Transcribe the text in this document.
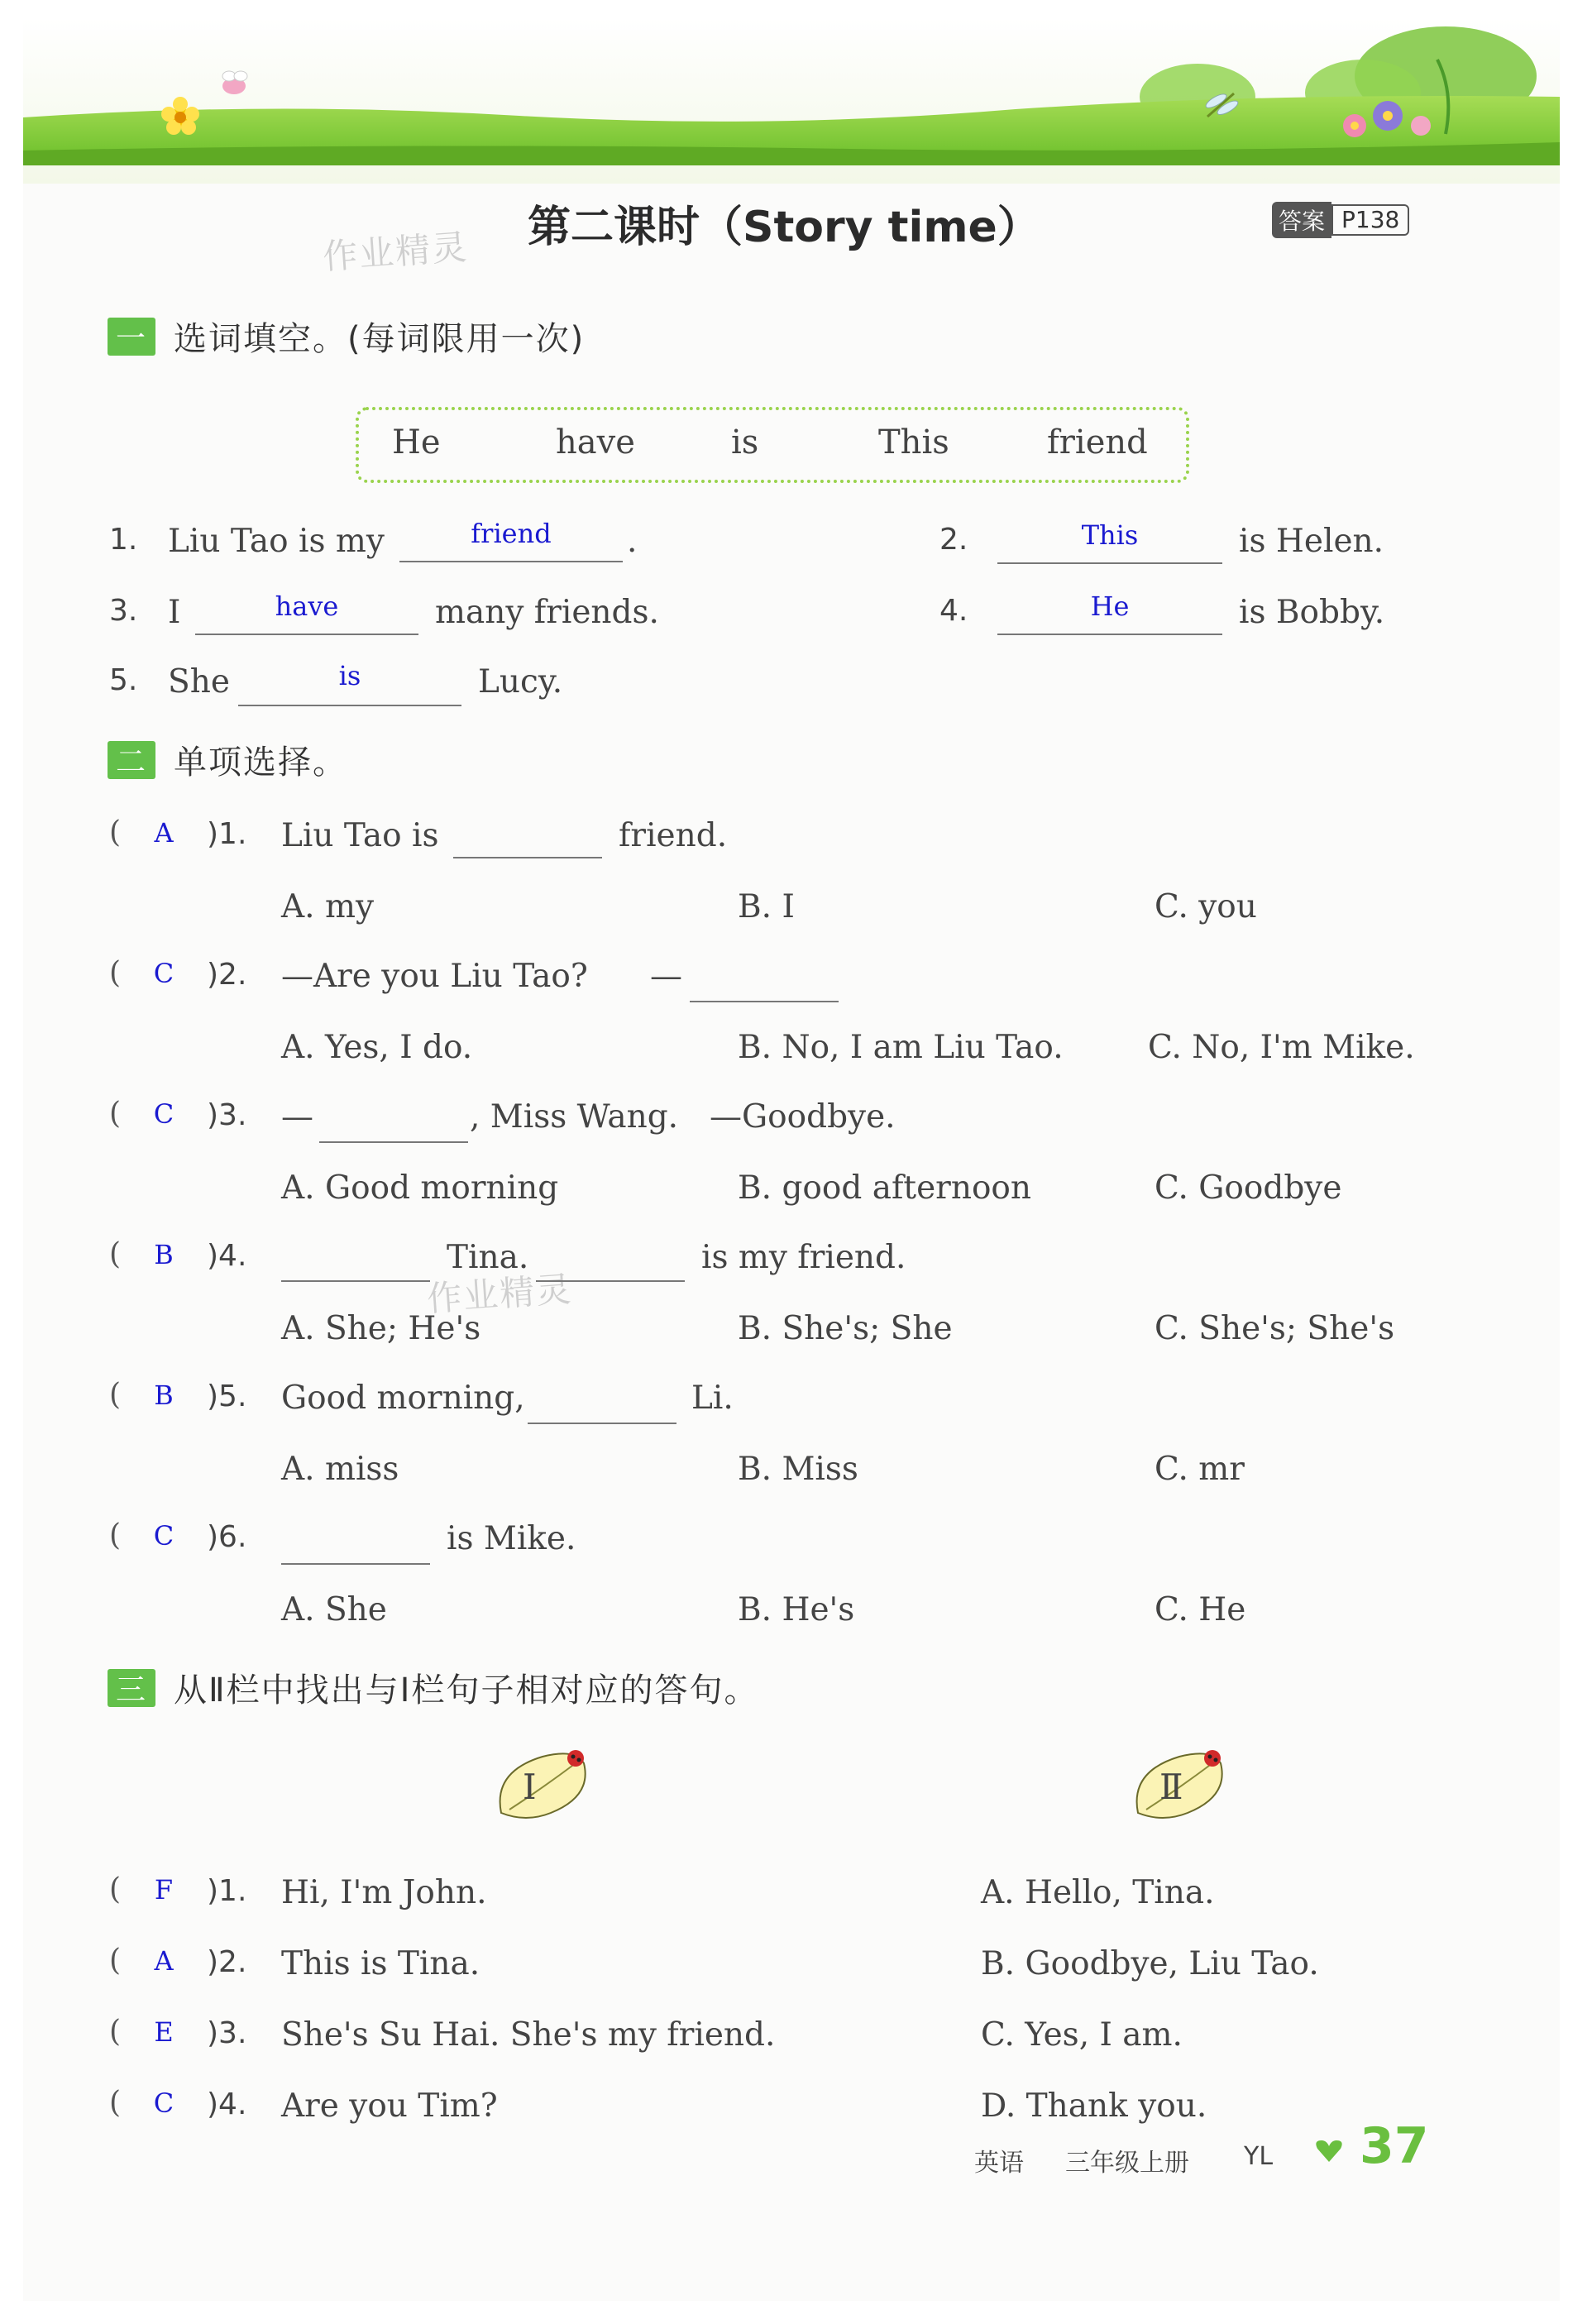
第二课时（Story time）	答案 P138
作业精灵
作业精灵
一 选词填空。(每词限用一次)
He	have	is	This	friend
1. Liu Tao is my	friend	.	2.	This	is Helen.
3. I	have	many friends.	4.	He	is Bobby.
5. She	is	Lucy.
二 单项选择。
( A )1. Liu Tao is	friend.
A. my	B. I	C. you
( C )2. —Are you Liu Tao? —
A. Yes, I do.	B. No, I am Liu Tao.	C. No, I'm Mike.
( C )3. —	, Miss Wang. —Goodbye.
A. Good morning	B. good afternoon	C. Goodbye
( B )4.	Tina.	is my friend.
A. She; He's	B. She's; She	C. She's; She's
( B )5. Good morning,	Li.
A. miss	B. Miss	C. mr
( C )6.	is Mike.
A. She	B. He's	C. He
三 从Ⅱ栏中找出与Ⅰ栏句子相对应的答句。
Ⅰ	Ⅱ
( F )1. Hi, I'm John.	A. Hello, Tina.
( A )2. This is Tina.	B. Goodbye, Liu Tao.
( E )3. She's Su Hai. She's my friend.	C. Yes, I am.
( C )4. Are you Tim?	D. Thank you.
英语 三年级上册 YL 37
